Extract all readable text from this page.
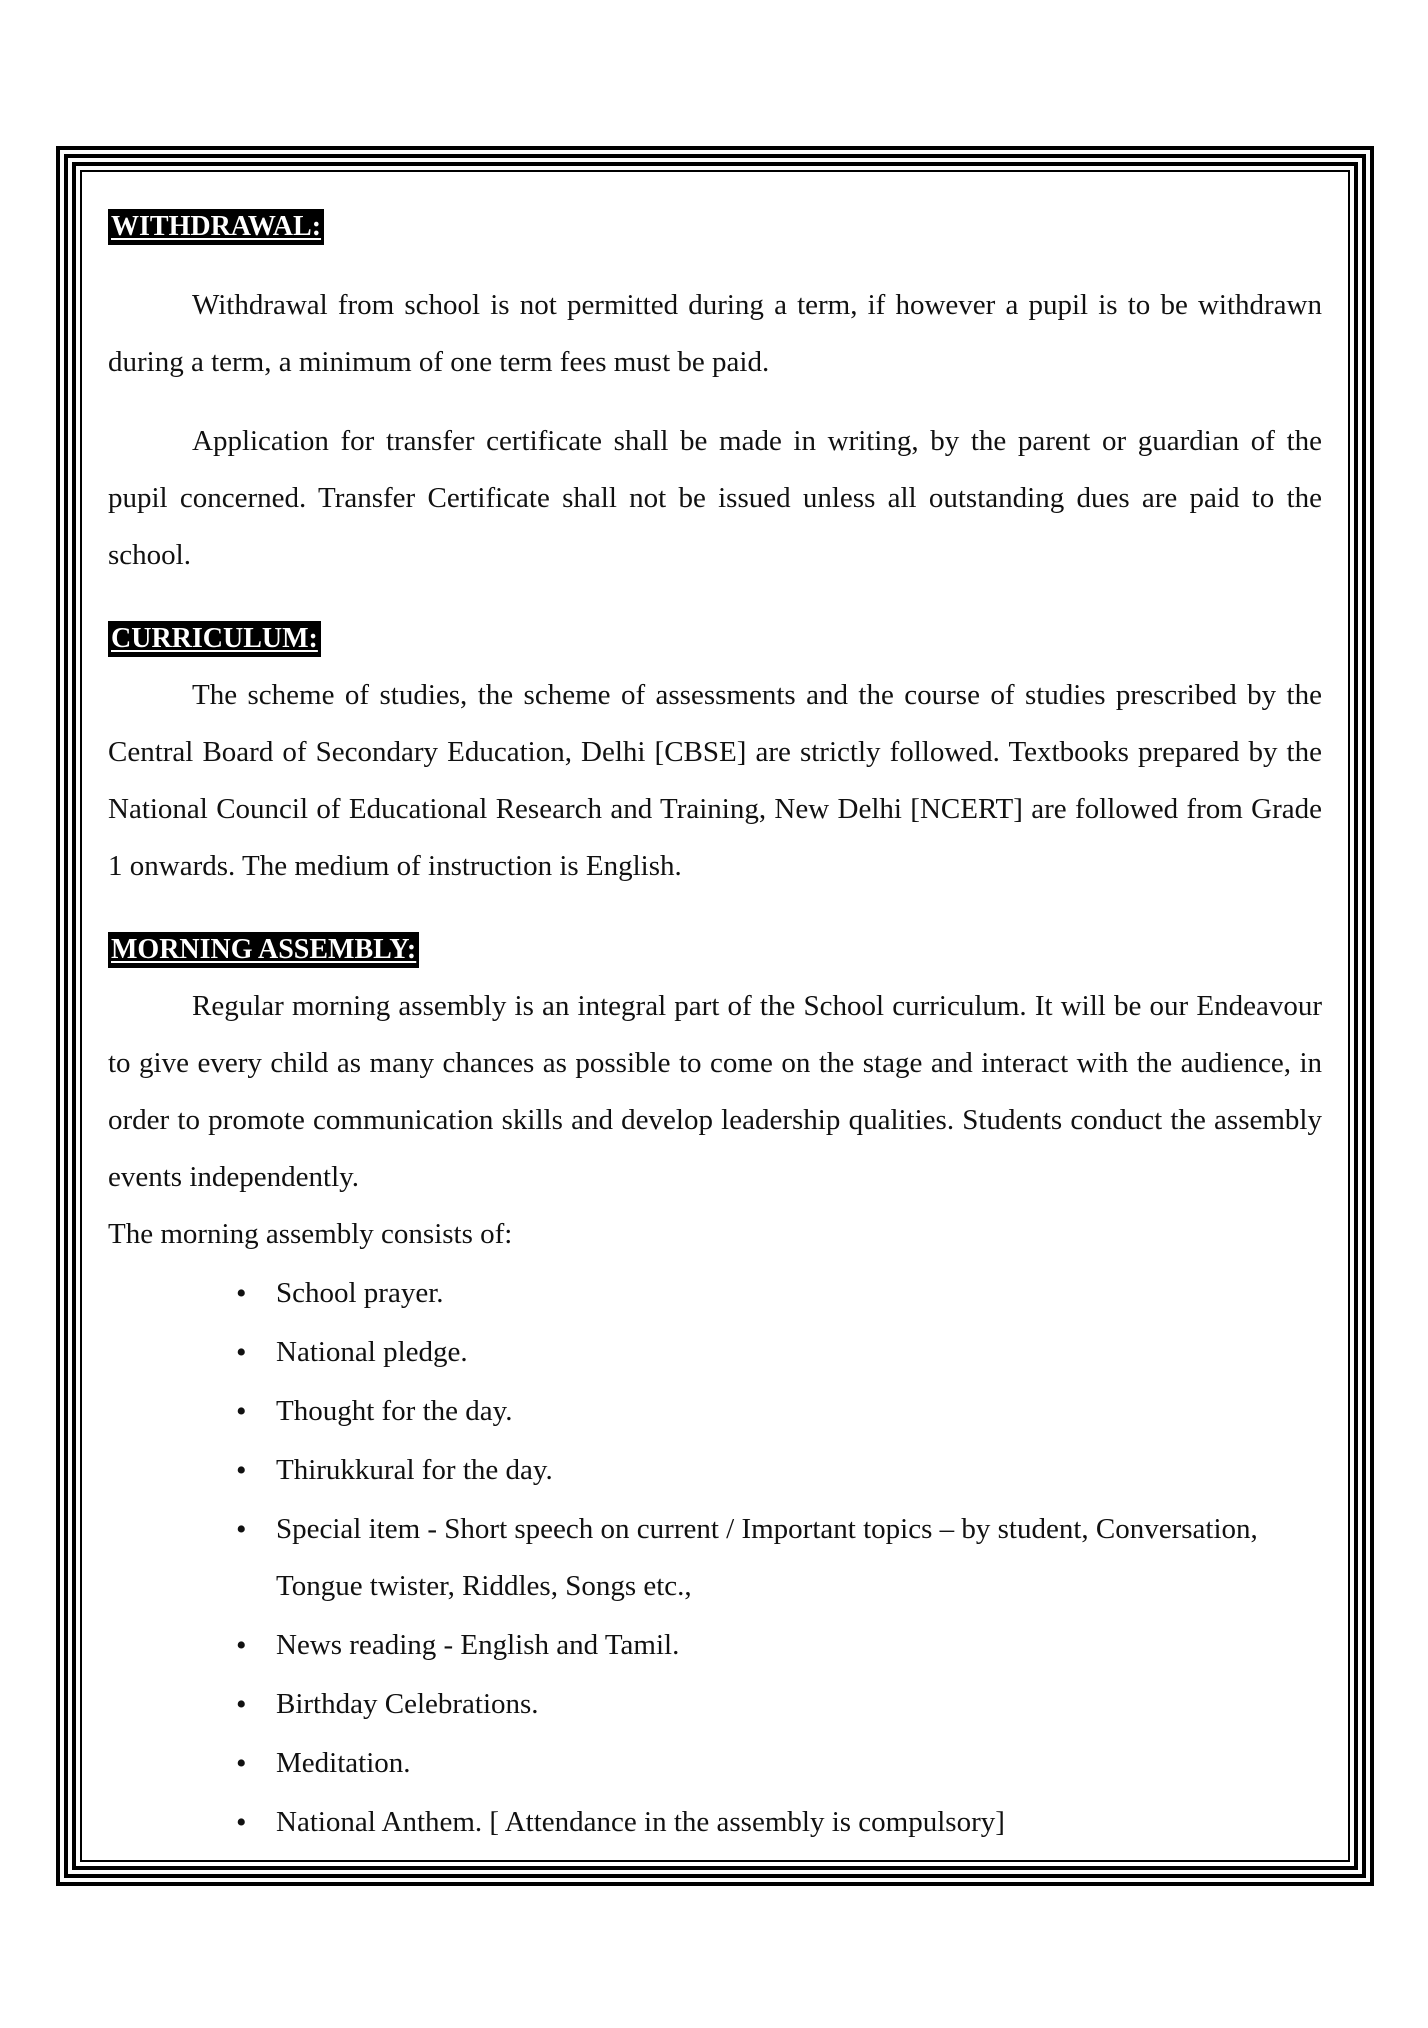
WITHDRAWAL:

Withdrawal from school is not permitted during a term, if however a pupil is to be withdrawn during a term, a minimum of one term fees must be paid.

Application for transfer certificate shall be made in writing, by the parent or guardian of the pupil concerned. Transfer Certificate shall not be issued unless all outstanding dues are paid to the school.

CURRICULUM:

The scheme of studies, the scheme of assessments and the course of studies prescribed by the Central Board of Secondary Education, Delhi [CBSE] are strictly followed. Textbooks prepared by the National Council of Educational Research and Training, New Delhi [NCERT] are followed from Grade 1 onwards. The medium of instruction is English.

MORNING ASSEMBLY:

Regular morning assembly is an integral part of the School curriculum. It will be our Endeavour to give every child as many chances as possible to come on the stage and interact with the audience, in order to promote communication skills and develop leadership qualities. Students conduct the assembly events independently.

The morning assembly consists of:

• School prayer.
• National pledge.
• Thought for the day.
• Thirukkural for the day.
• Special item - Short speech on current / Important topics – by student, Conversation, Tongue twister, Riddles, Songs etc.,
• News reading - English and Tamil.
• Birthday Celebrations.
• Meditation.
• National Anthem. [ Attendance in the assembly is compulsory]
